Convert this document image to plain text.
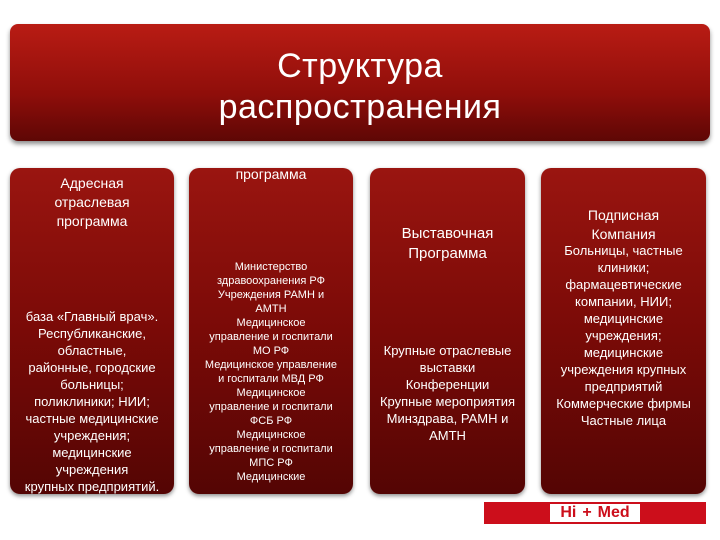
Структура
распространения
Адресная
отраслевая
программа
база «Главный врач».
Республиканские,
областные,
районные, городские
больницы;
поликлиники; НИИ;
частные медицинские
учреждения;
медицинские
учреждения
крупных предприятий.
программа
Министерство
здравоохранения РФ
Учреждения РАМН и
АМТН
Медицинское
управление и госпитали
МО РФ
Медицинское управление
и госпитали МВД РФ
Медицинское
управление и госпитали
ФСБ РФ
Медицинское
управление и госпитали
МПС РФ
Медицинские
Выставочная
Программа
Крупные отраслевые
выставки
Конференции
Крупные мероприятия
Минздрава, РАМН и
АМТН
Подписная
Компания
Больницы, частные
клиники;
фармацевтические
компании, НИИ;
медицинские
учреждения;
медицинские
учреждения крупных
предприятий
Коммерческие фирмы
Частные лица
ведомств	Hi + Med
